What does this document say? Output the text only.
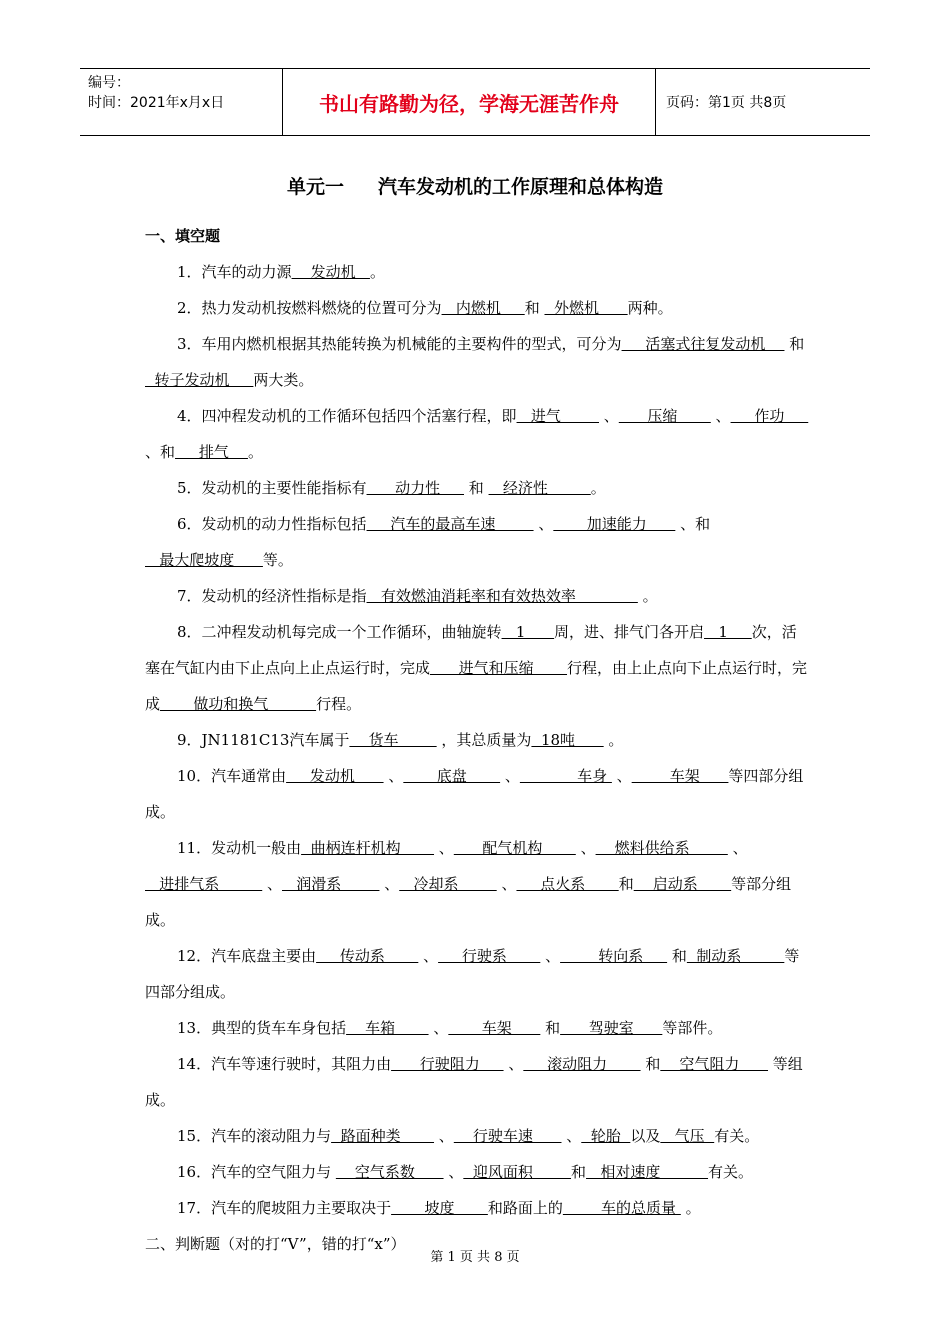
编号：
时间：2021年x月x日	书山有路勤为径，学海无涯苦作舟	页码：第1页 共8页
单元一 汽车发动机的工作原理和总体构造

一、填空题

1．汽车的动力源    发动机   。

2．热力发动机按燃料燃烧的位置可分为   内燃机     和   外燃机      两种。

3．车用内燃机根据其热能转换为机械能的主要构件的型式，可分为     活塞式往复发动机     和  转子发动机     两大类。

4．四冲程发动机的工作循环包括四个活塞行程，即   进气         、      压缩        、     作功      、和     排气    。

5．发动机的主要性能指标有      动力性      和    经济性         。

6．发动机的动力性指标包括     汽车的最高车速         、       加速能力       、和   最大爬坡度      等。

7．发动机的经济性指标是指   有效燃油消耗率和有效热效率              。

8．二冲程发动机每完成一个工作循环，曲轴旋转   1      周，进、排气门各开启   1     次，活塞在气缸内由下止点向上止点运行时，完成      进气和压缩       行程，由上止点向下止点运行时，完成       做功和换气          行程。

9．JN1181C13汽车属于    货车         ，其总质量为  18吨       。

10．汽车通常由     发动机       、       底盘        、            车身  、        车架      等四部分组成。

11．发动机一般由  曲柄连杆机构        、      配气机构        、    燃料供给系         、   进排气系          、   润滑系         、   冷却系         、     点火系       和    启动系       等部分组成。

12．汽车底盘主要由     传动系        、     行驶系        、        转向系      和  制动系         等四部分组成。

13．典型的货车车身包括    车箱        、       车架       和      驾驶室      等部件。

14．汽车等速行驶时，其阻力由      行驶阻力      、     滚动阻力        和    空气阻力       等组成。

15．汽车的滚动阻力与  路面种类        、    行驶车速       、  轮胎  以及   气压  有关。

16．汽车的空气阻力与     空气系数       、  迎风面积        和   相对速度          有关。

17．汽车的爬坡阻力主要取决于       坡度       和路面上的        车的总质量  。

二、判断题（对的打“V”，错的打“x”）

第 1 页 共 8 页
